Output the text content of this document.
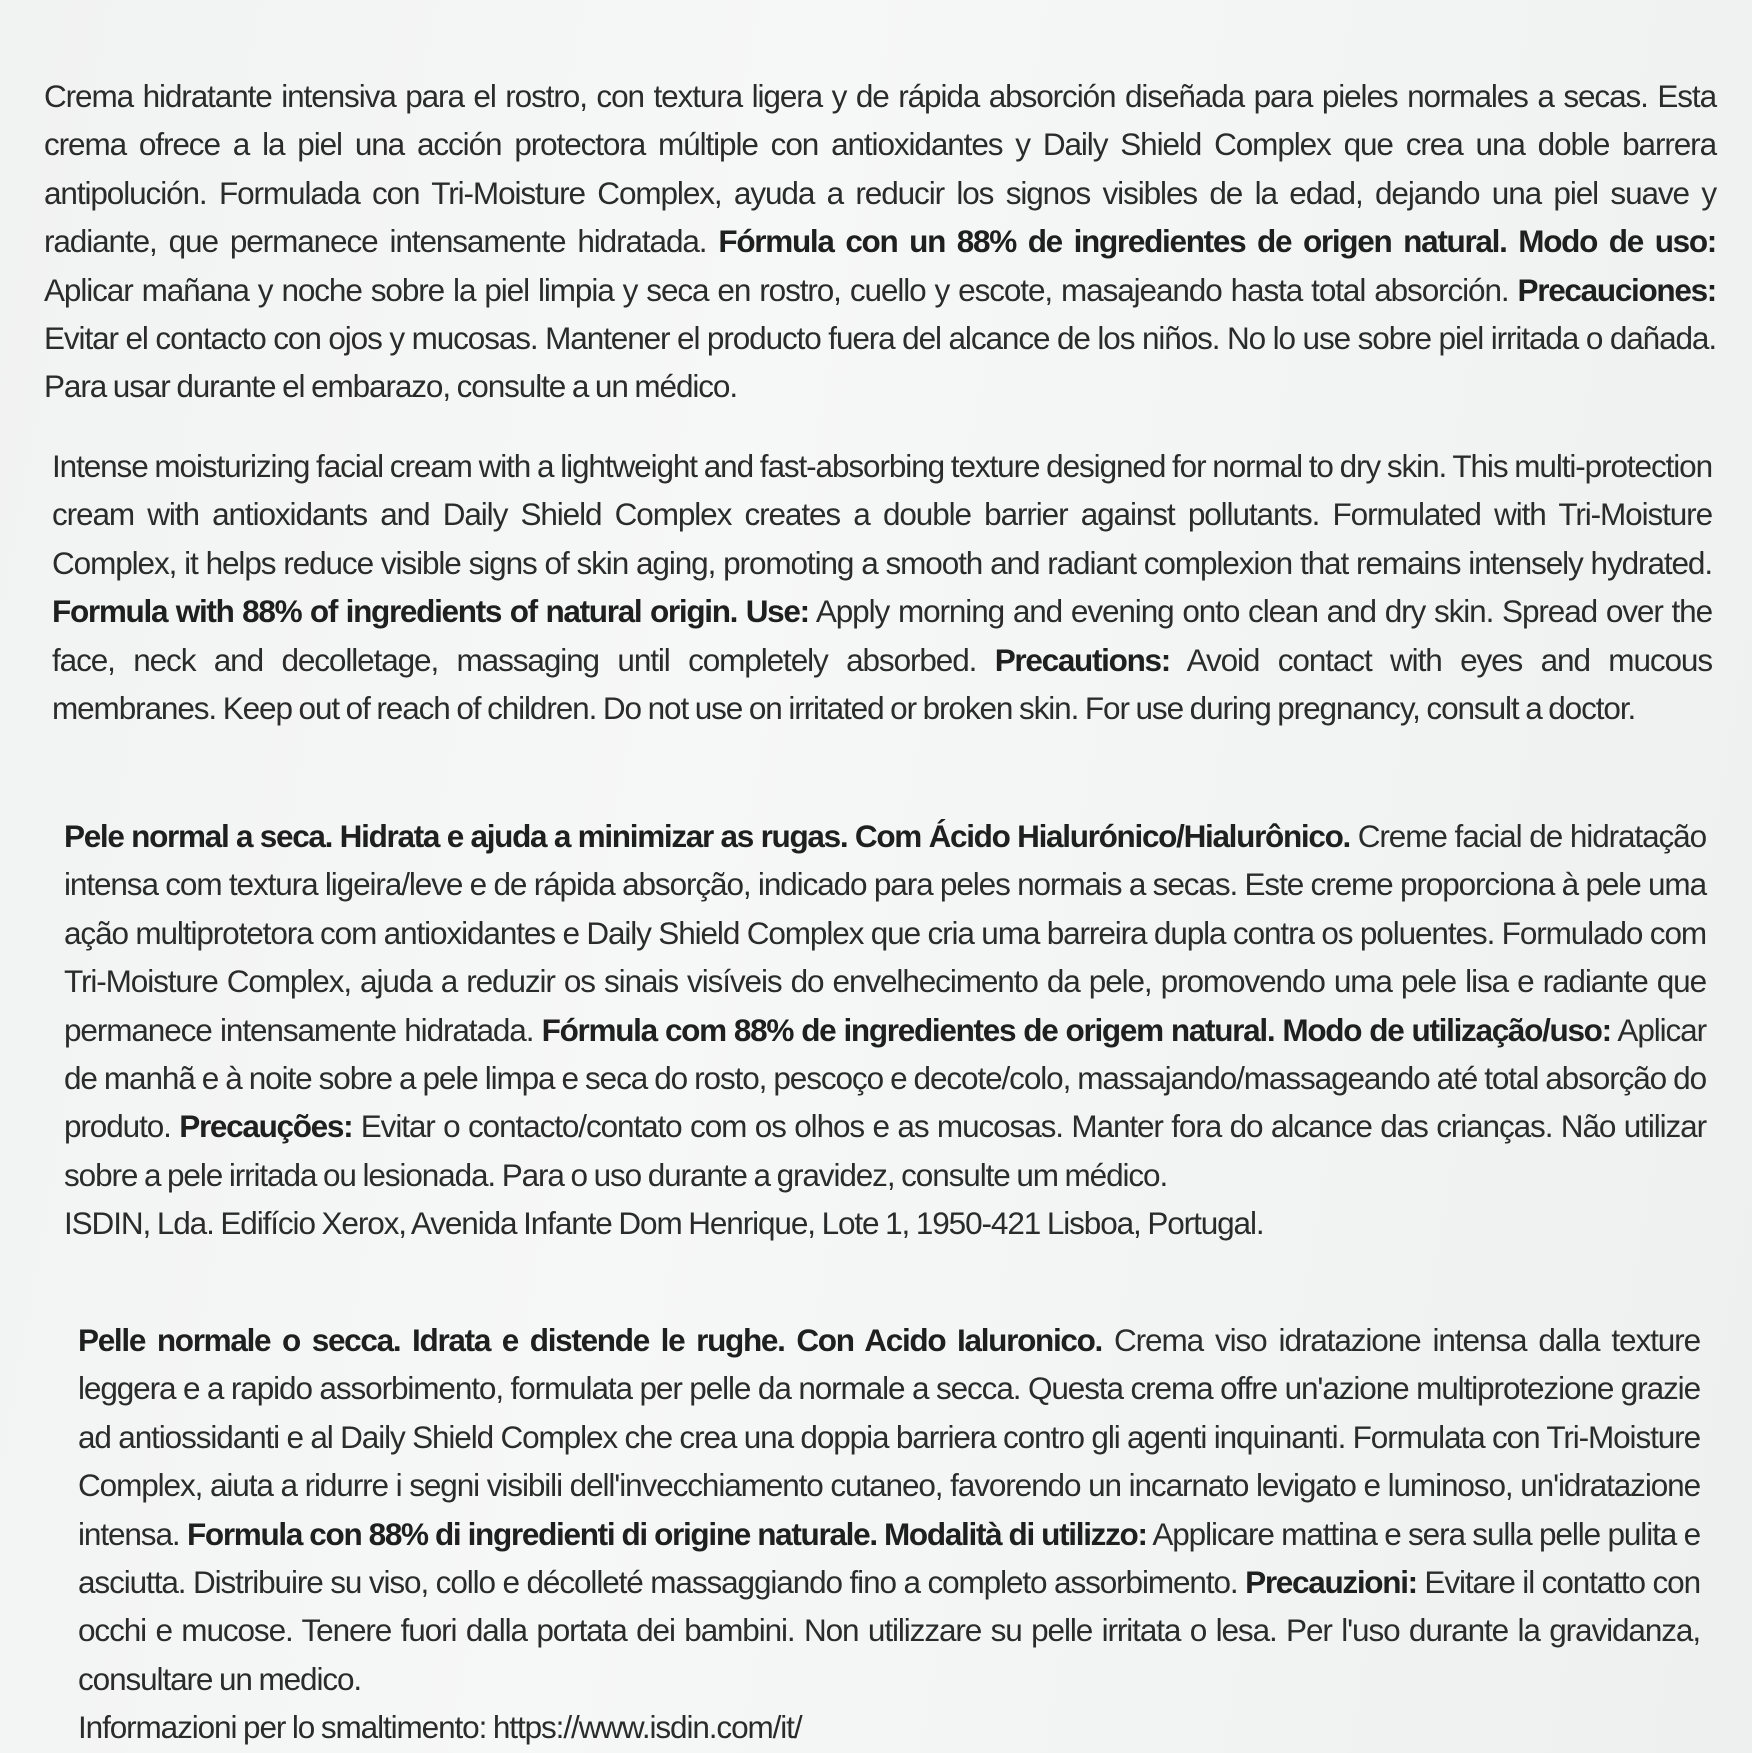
Crema hidratante intensiva para el rostro, con textura ligera y de rápida absorción diseñada para pieles normales a secas. Esta crema ofrece a la piel una acción protectora múltiple con antioxidantes y Daily Shield Complex que crea una doble barrera antipolución. Formulada con Tri-Moisture Complex, ayuda a reducir los signos visibles de la edad, dejando una piel suave y radiante, que permanece intensamente hidratada. Fórmula con un 88% de ingredientes de origen natural. Modo de uso: Aplicar mañana y noche sobre la piel limpia y seca en rostro, cuello y escote, masajeando hasta total absorción. Precauciones: Evitar el contacto con ojos y mucosas. Mantener el producto fuera del alcance de los niños. No lo use sobre piel irritada o dañada. Para usar durante el embarazo, consulte a un médico.

Intense moisturizing facial cream with a lightweight and fast-absorbing texture designed for normal to dry skin. This multi-protection cream with antioxidants and Daily Shield Complex creates a double barrier against pollutants. Formulated with Tri-Moisture Complex, it helps reduce visible signs of skin aging, promoting a smooth and radiant complexion that remains intensely hydrated. Formula with 88% of ingredients of natural origin. Use: Apply morning and evening onto clean and dry skin. Spread over the face, neck and decolletage, massaging until completely absorbed. Precautions: Avoid contact with eyes and mucous membranes. Keep out of reach of children. Do not use on irritated or broken skin. For use during pregnancy, consult a doctor.

Pele normal a seca. Hidrata e ajuda a minimizar as rugas. Com Ácido Hialurónico/Hialurônico. Creme facial de hidratação intensa com textura ligeira/leve e de rápida absorção, indicado para peles normais a secas. Este creme proporciona à pele uma ação multiprotetora com antioxidantes e Daily Shield Complex que cria uma barreira dupla contra os poluentes. Formulado com Tri-Moisture Complex, ajuda a reduzir os sinais visíveis do envelhecimento da pele, promovendo uma pele lisa e radiante que permanece intensamente hidratada. Fórmula com 88% de ingredientes de origem natural. Modo de utilização/uso: Aplicar de manhã e à noite sobre a pele limpa e seca do rosto, pescoço e decote/colo, massajando/massageando até total absorção do produto. Precauções: Evitar o contacto/contato com os olhos e as mucosas. Manter fora do alcance das crianças. Não utilizar sobre a pele irritada ou lesionada. Para o uso durante a gravidez, consulte um médico.
ISDIN, Lda. Edifício Xerox, Avenida Infante Dom Henrique, Lote 1, 1950-421 Lisboa, Portugal.

Pelle normale o secca. Idrata e distende le rughe. Con Acido Ialuronico. Crema viso idratazione intensa dalla texture leggera e a rapido assorbimento, formulata per pelle da normale a secca. Questa crema offre un'azione multiprotezione grazie ad antiossidanti e al Daily Shield Complex che crea una doppia barriera contro gli agenti inquinanti. Formulata con Tri-Moisture Complex, aiuta a ridurre i segni visibili dell'invecchiamento cutaneo, favorendo un incarnato levigato e luminoso, un'idratazione intensa. Formula con 88% di ingredienti di origine naturale. Modalità di utilizzo: Applicare mattina e sera sulla pelle pulita e asciutta. Distribuire su viso, collo e décolleté massaggiando fino a completo assorbimento. Precauzioni: Evitare il contatto con occhi e mucose. Tenere fuori dalla portata dei bambini. Non utilizzare su pelle irritata o lesa. Per l'uso durante la gravidanza, consultare un medico.
Informazioni per lo smaltimento: https://www.isdin.com/it/
